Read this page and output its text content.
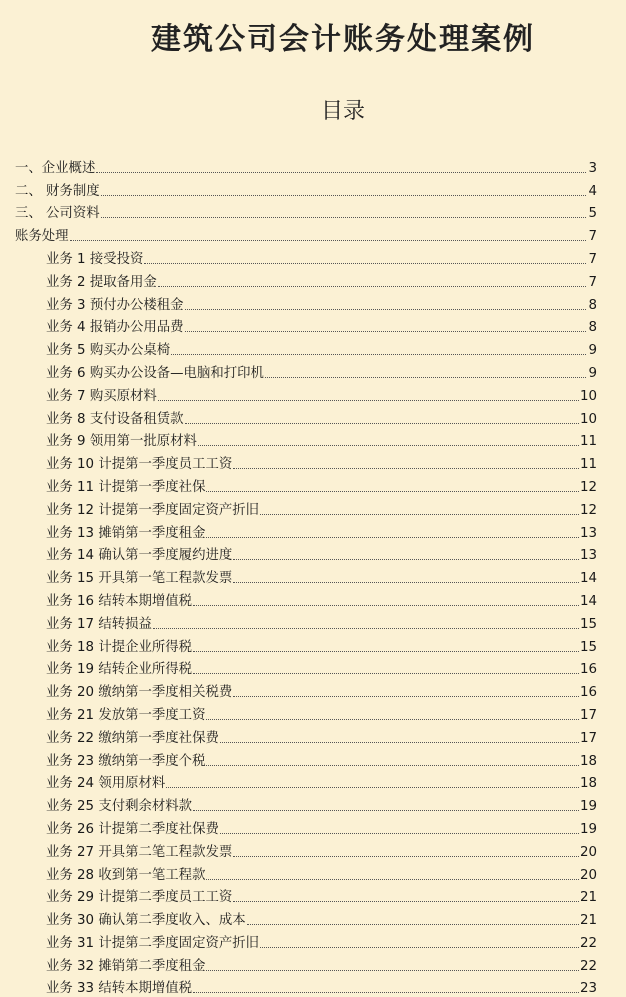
建筑公司会计账务处理案例
目录
一、企业概述	3
二、 财务制度	4
三、 公司资料	5
账务处理	7
业务 1 接受投资	7
业务 2 提取备用金	7
业务 3 预付办公楼租金	8
业务 4 报销办公用品费	8
业务 5 购买办公桌椅	9
业务 6 购买办公设备—电脑和打印机	9
业务 7 购买原材料	10
业务 8 支付设备租赁款	10
业务 9 领用第一批原材料	11
业务 10 计提第一季度员工工资	11
业务 11 计提第一季度社保	12
业务 12 计提第一季度固定资产折旧	12
业务 13 摊销第一季度租金	13
业务 14 确认第一季度履约进度	13
业务 15 开具第一笔工程款发票	14
业务 16 结转本期增值税	14
业务 17 结转损益	15
业务 18 计提企业所得税	15
业务 19 结转企业所得税	16
业务 20 缴纳第一季度相关税费	16
业务 21 发放第一季度工资	17
业务 22 缴纳第一季度社保费	17
业务 23 缴纳第一季度个税	18
业务 24 领用原材料	18
业务 25 支付剩余材料款	19
业务 26 计提第二季度社保费	19
业务 27 开具第二笔工程款发票	20
业务 28 收到第一笔工程款	20
业务 29 计提第二季度员工工资	21
业务 30 确认第二季度收入、成本	21
业务 31 计提第二季度固定资产折旧	22
业务 32 摊销第二季度租金	22
业务 33 结转本期增值税	23
